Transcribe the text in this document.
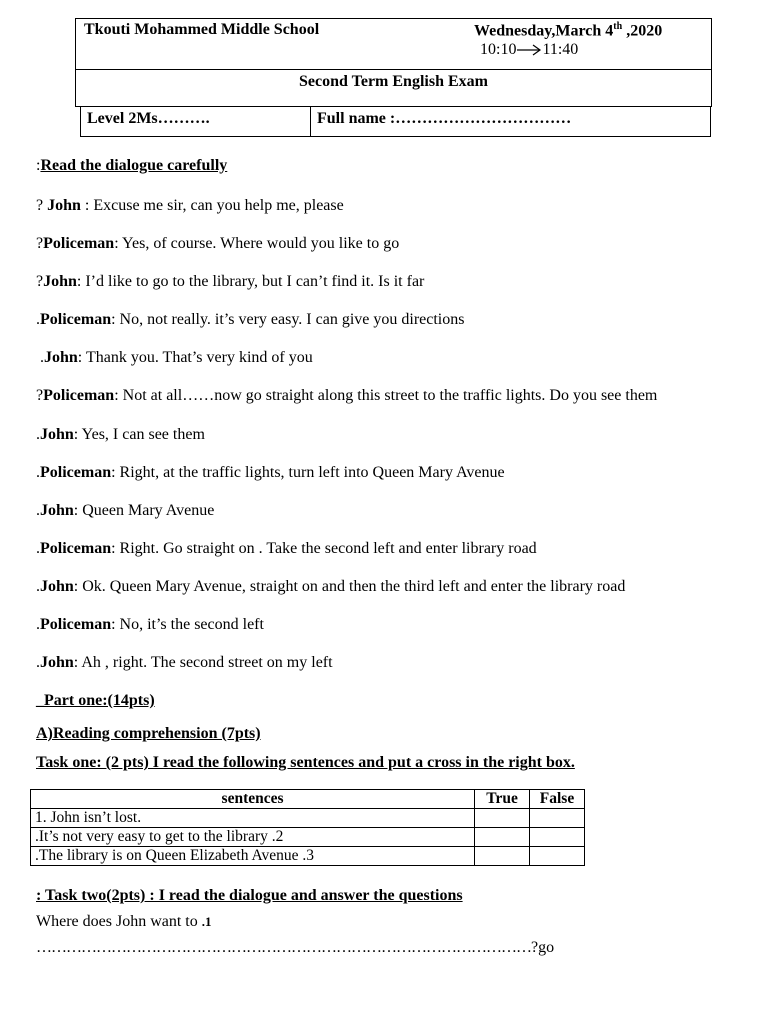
Tkouti Mohammed Middle School	Wednesday,March 4th ,2020
10:10 11:40
Second Term English Exam
Level 2Ms……….	Full name :……………………………
:Read the dialogue carefully
? John : Excuse me sir, can you help me, please
?Policeman: Yes, of course. Where would you like to go
?John: I’d like to go to the library, but I can’t find it. Is it far
.Policeman: No, not really. it’s very easy. I can give you directions
.John: Thank you. That’s very kind of you
?Policeman: Not at all……now go straight along this street to the traffic lights. Do you see them
.John: Yes, I can see them
.Policeman: Right, at the traffic lights, turn left into Queen Mary Avenue
.John: Queen Mary Avenue
.Policeman: Right. Go straight on . Take the second left and enter library road
.John: Ok. Queen Mary Avenue, straight on and then the third left and enter the library road
.Policeman: No, it’s the second left
.John: Ah , right. The second street on my left
_Part one:(14pts)
A)Reading comprehension (7pts)
Task one: (2 pts) I read the following sentences and put a cross in the right box.
sentences	True	False
1. John isn’t lost.		
.It’s not very easy to get to the library .2		
.The library is on Queen Elizabeth Avenue .3		
: Task two(2pts) : I read the dialogue and answer the questions
Where does John want to .1
………………………………………………………………………………………?go
